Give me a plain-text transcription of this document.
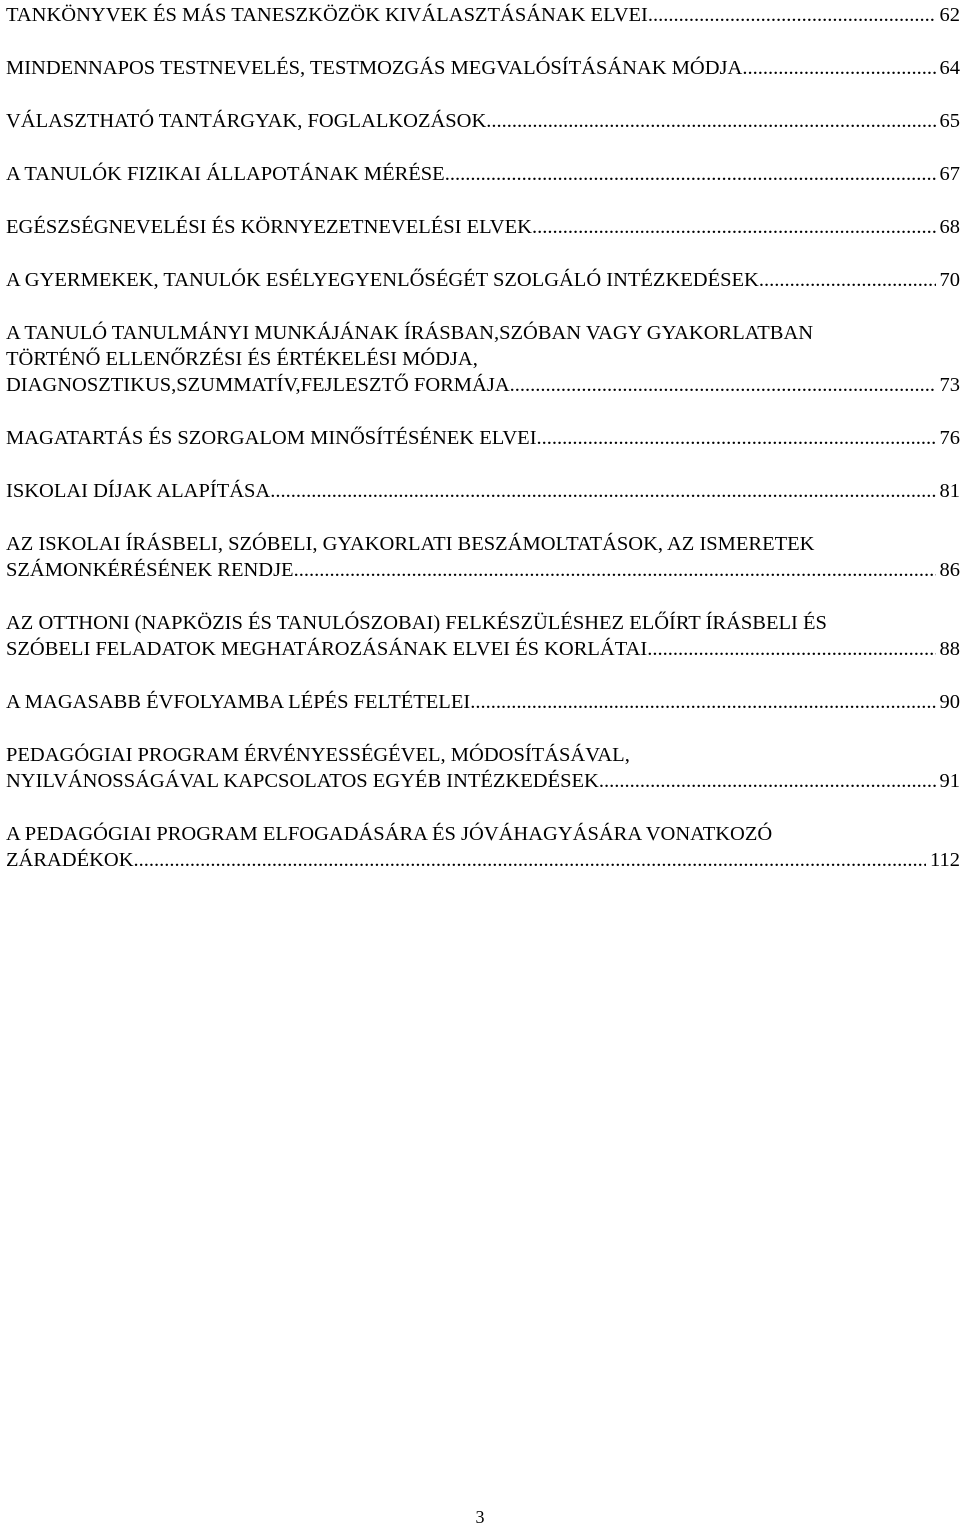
TANKÖNYVEK ÉS MÁS TANESZKÖZÖK KIVÁLASZTÁSÁNAK ELVEI .....	62
MINDENNAPOS TESTNEVELÉS, TESTMOZGÁS MEGVALÓSÍTÁSÁNAK MÓDJA .....	64
VÁLASZTHATÓ TANTÁRGYAK, FOGLALKOZÁSOK .....	65
A TANULÓK FIZIKAI ÁLLAPOTÁNAK MÉRÉSE .....	67
EGÉSZSÉGNEVELÉSI ÉS KÖRNYEZETNEVELÉSI ELVEK .....	68
A GYERMEKEK, TANULÓK ESÉLYEGYENLŐSÉGÉT SZOLGÁLÓ INTÉZKEDÉSEK .....	70
A TANULÓ TANULMÁNYI MUNKÁJÁNAK ÍRÁSBAN,SZÓBAN VAGY GYAKORLATBAN
TÖRTÉNŐ ELLENŐRZÉSI ÉS ÉRTÉKELÉSI MÓDJA,
DIAGNOSZTIKUS,SZUMMATÍV,FEJLESZTŐ FORMÁJA .....	73
MAGATARTÁS ÉS SZORGALOM MINŐSÍTÉSÉNEK ELVEI .....	76
ISKOLAI DÍJAK ALAPÍTÁSA .....	81
AZ ISKOLAI ÍRÁSBELI, SZÓBELI, GYAKORLATI BESZÁMOLTATÁSOK, AZ ISMERETEK
SZÁMONKÉRÉSÉNEK RENDJE .....	86
AZ OTTHONI (NAPKÖZIS ÉS TANULÓSZOBAI) FELKÉSZÜLÉSHEZ ELŐÍRT ÍRÁSBELI ÉS
SZÓBELI FELADATOK MEGHATÁROZÁSÁNAK ELVEI ÉS KORLÁTAI .....	88
A MAGASABB ÉVFOLYAMBA LÉPÉS FELTÉTELEI .....	90
PEDAGÓGIAI PROGRAM ÉRVÉNYESSÉGÉVEL, MÓDOSÍTÁSÁVAL,
NYILVÁNOSSÁGÁVAL KAPCSOLATOS EGYÉB INTÉZKEDÉSEK .....	91
A PEDAGÓGIAI PROGRAM ELFOGADÁSÁRA ÉS JÓVÁHAGYÁSÁRA VONATKOZÓ
ZÁRADÉKOK .....	112
3
